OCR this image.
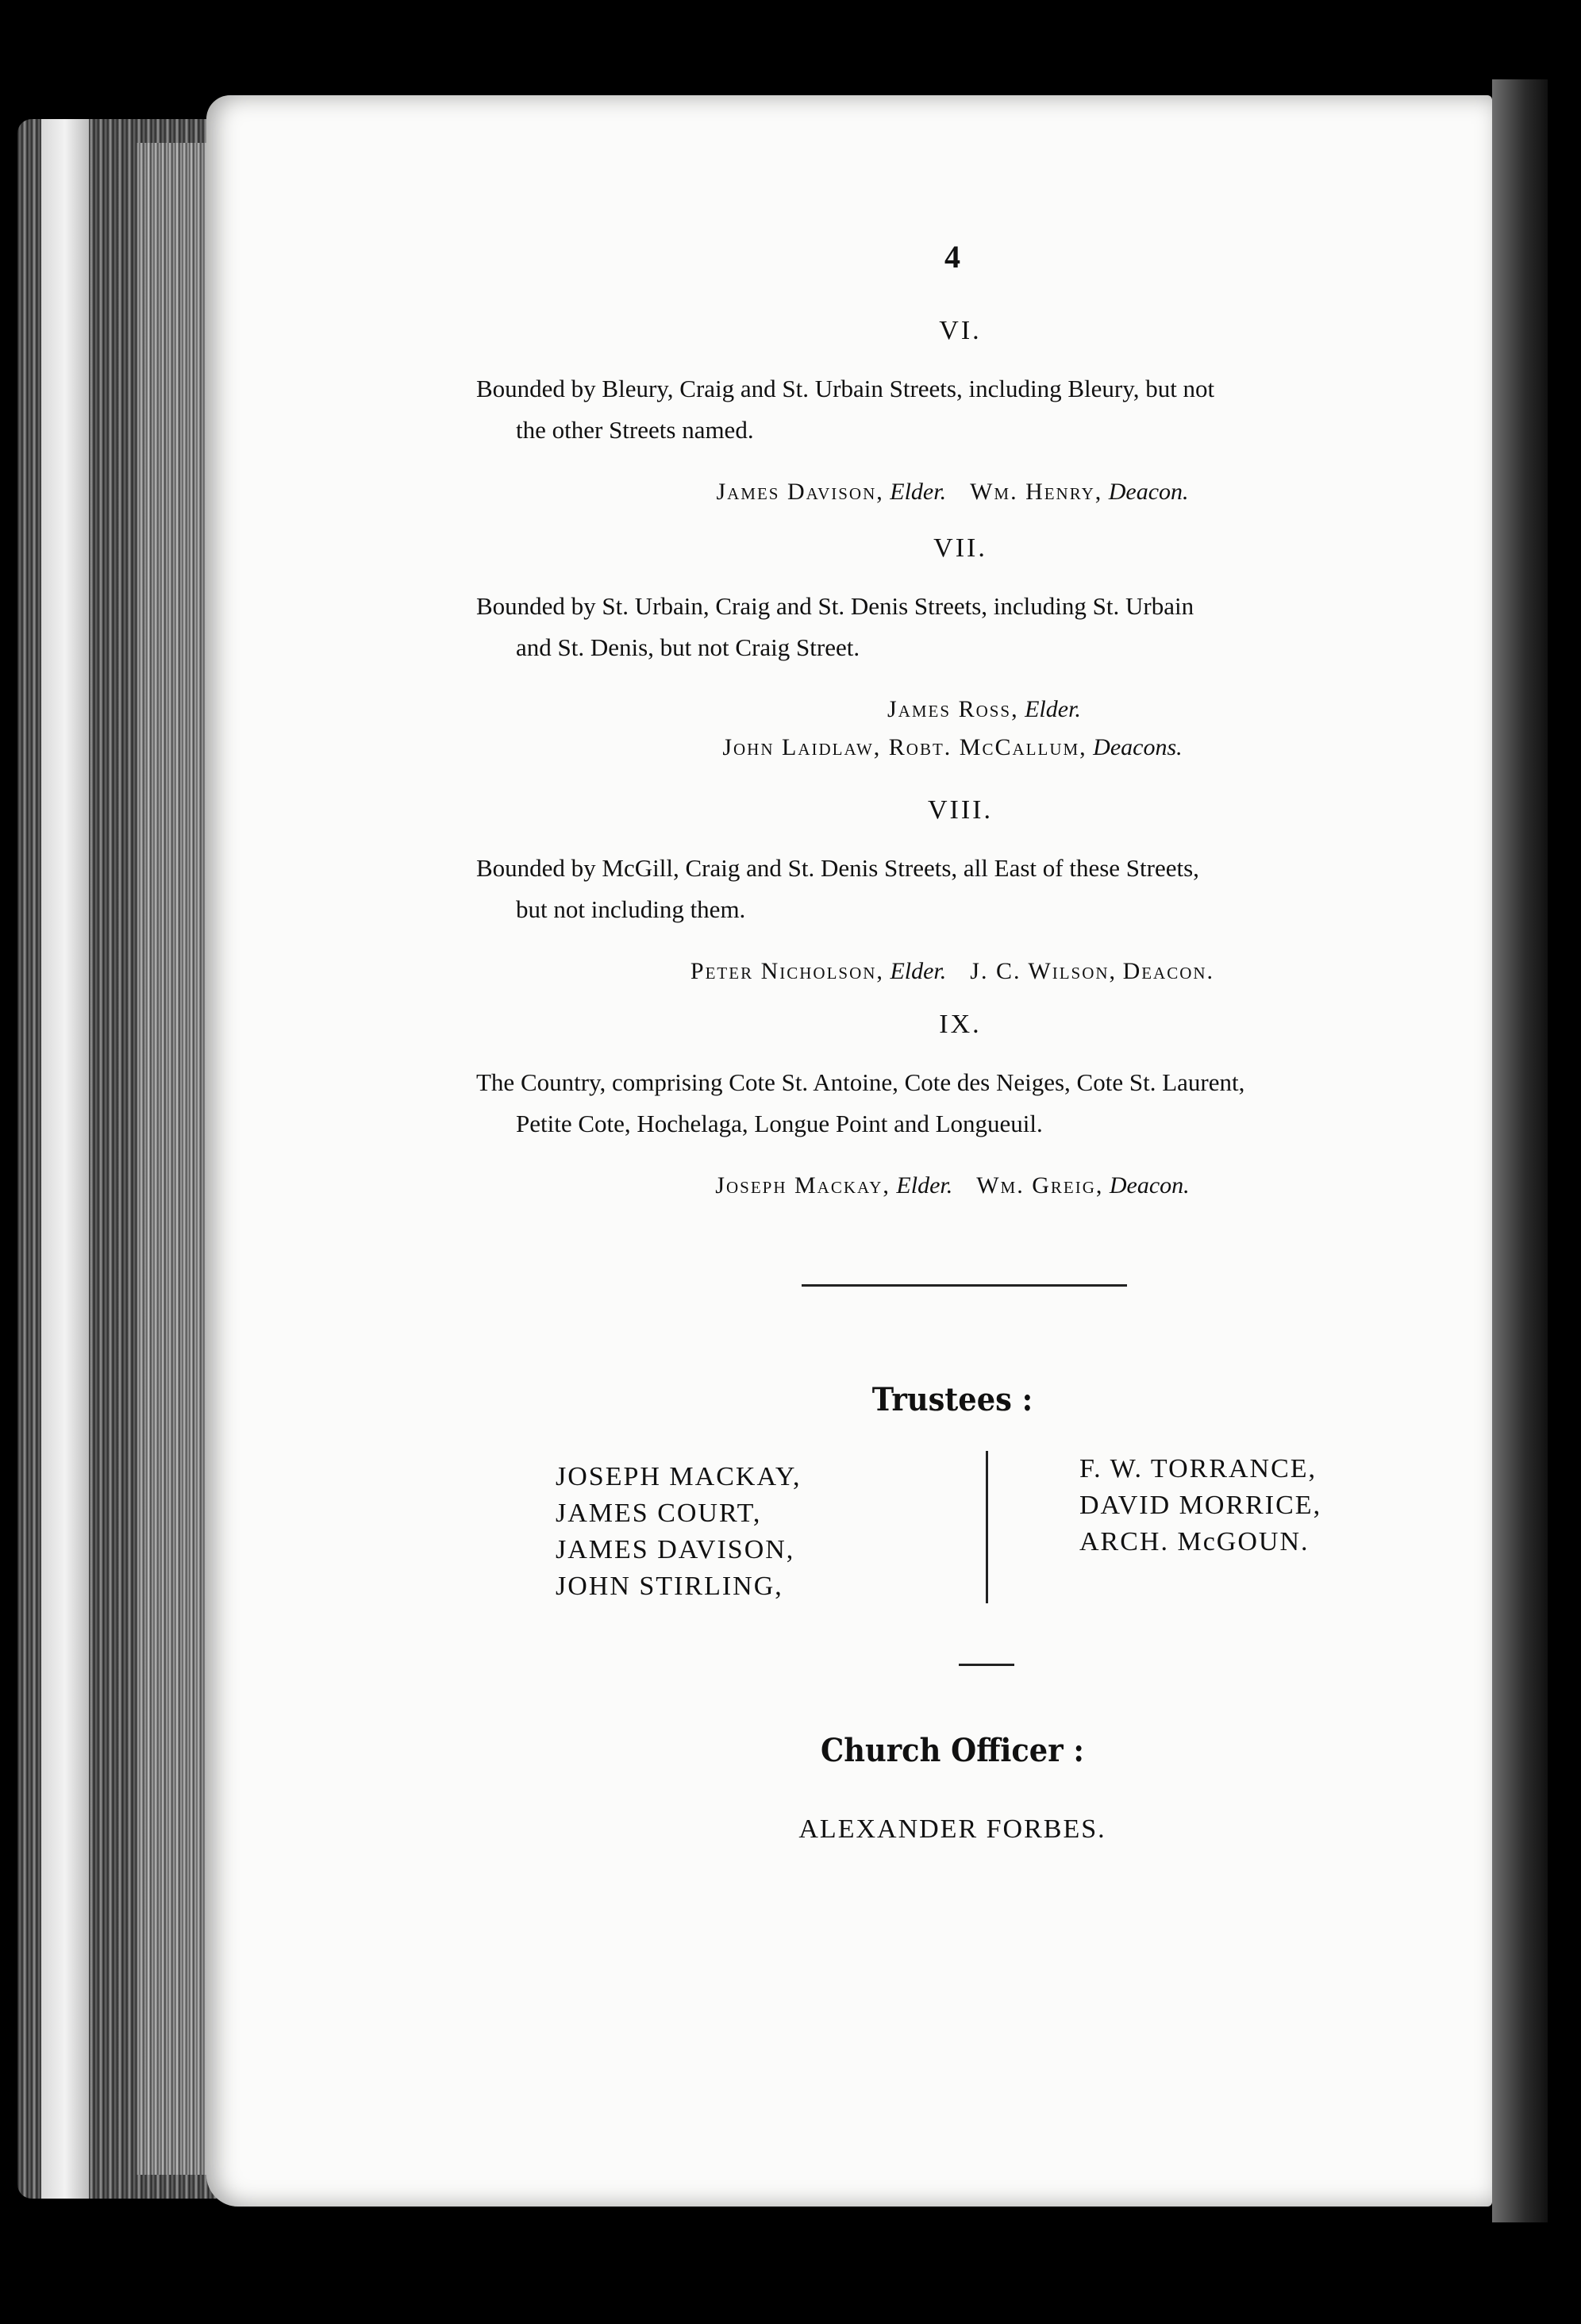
4
VI.
Bounded by Bleury, Craig and St. Urbain Streets, including Bleury, but not
the other Streets named.
James Davison, Elder. Wm. Henry, Deacon.
VII.
Bounded by St. Urbain, Craig and St. Denis Streets, including St. Urbain
and St. Denis, but not Craig Street.
James Ross, Elder.
John Laidlaw, Robt. McCallum, Deacons.
VIII.
Bounded by McGill, Craig and St. Denis Streets, all East of these Streets,
but not including them.
Peter Nicholson, Elder. J. C. Wilson, Deacon.
IX.
The Country, comprising Cote St. Antoine, Cote des Neiges, Cote St. Laurent,
Petite Cote, Hochelaga, Longue Point and Longueuil.
Joseph Mackay, Elder. Wm. Greig, Deacon.
Trustees :
JOSEPH MACKAY,
JAMES COURT,
JAMES DAVISON,
JOHN STIRLING,
F. W. TORRANCE,
DAVID MORRICE,
ARCH. McGOUN.
Church Officer :
ALEXANDER FORBES.
